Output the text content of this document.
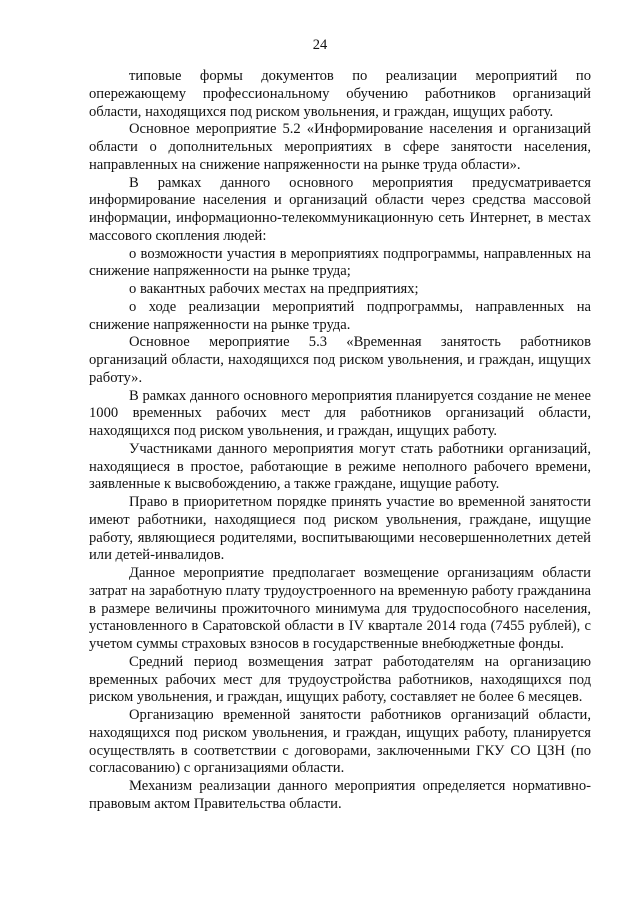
24

типовые формы документов по реализации мероприятий по опережающему профессиональному обучению работников организаций области, находящихся под риском увольнения, и граждан, ищущих работу.

Основное мероприятие 5.2 «Информирование населения и организаций области о дополнительных мероприятиях в сфере занятости населения, направленных на снижение напряженности на рынке труда области».

В рамках данного основного мероприятия предусматривается информирование населения и организаций области через средства массовой информации, информационно-телекоммуникационную сеть Интернет, в местах массового скопления людей:

о возможности участия в мероприятиях подпрограммы, направленных на снижение напряженности на рынке труда;

о вакантных рабочих местах на предприятиях;

о ходе реализации мероприятий подпрограммы, направленных на снижение напряженности на рынке труда.

Основное мероприятие 5.3 «Временная занятость работников организаций области, находящихся под риском увольнения, и граждан, ищущих работу».

В рамках данного основного мероприятия планируется создание не менее 1000 временных рабочих мест для работников организаций области, находящихся под риском увольнения, и граждан, ищущих работу.

Участниками данного мероприятия могут стать работники организаций, находящиеся в простое, работающие в режиме неполного рабочего времени, заявленные к высвобождению, а также граждане, ищущие работу.

Право в приоритетном порядке принять участие во временной занятости имеют работники, находящиеся под риском увольнения, граждане, ищущие работу, являющиеся родителями, воспитывающими несовершеннолетних детей или детей-инвалидов.

Данное мероприятие предполагает возмещение организациям области затрат на заработную плату трудоустроенного на временную работу гражданина в размере величины прожиточного минимума для трудоспособного населения, установленного в Саратовской области в IV квартале 2014 года (7455 рублей), с учетом суммы страховых взносов в государственные внебюджетные фонды.

Средний период возмещения затрат работодателям на организацию временных рабочих мест для трудоустройства работников, находящихся под риском увольнения, и граждан, ищущих работу, составляет не более 6 месяцев.

Организацию временной занятости работников организаций области, находящихся под риском увольнения, и граждан, ищущих работу, планируется осуществлять в соответствии с договорами, заключенными ГКУ СО ЦЗН (по согласованию) с организациями области.

Механизм реализации данного мероприятия определяется нормативно-правовым актом Правительства области.
